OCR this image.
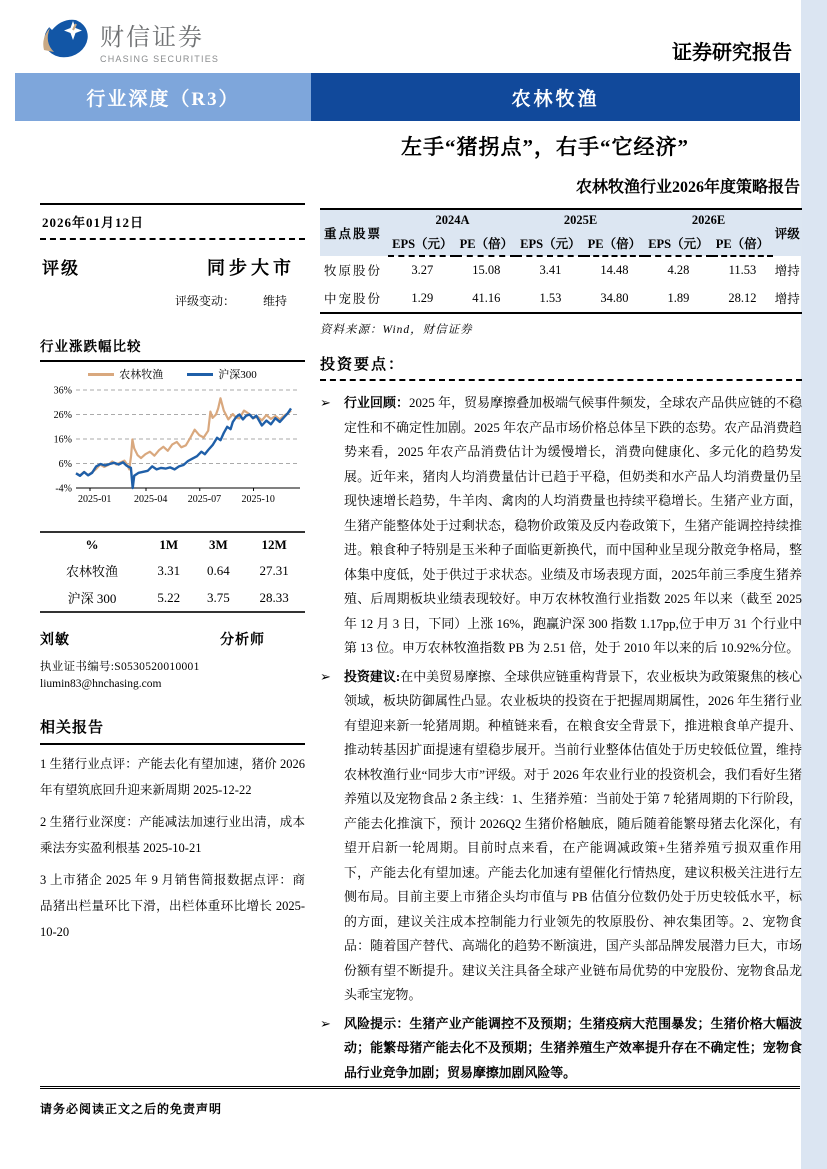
财信证券
CHASING SECURITIES	证券研究报告
行业深度（R3）	农林牧渔
左手“猪拐点”，右手“它经济”
农林牧渔行业2026年度策略报告
2026年01月12日
评级	同步大市
评级变动： 维持
行业涨跌幅比较
农林牧渔	沪深300
36%
26%
16%
6%
-4%
2025-01 2025-04 2025-07 2025-10
%	1M	3M	12M
农林牧渔	3.31	0.64	27.31
沪深 300	5.22	3.75	28.33
刘敏	分析师
执业证书编号:S0530520010001
liumin83@hnchasing.com
相关报告
1 生猪行业点评：产能去化有望加速，猪价 2026年有望筑底回升迎来新周期 2025-12-22
2 生猪行业深度：产能减法加速行业出清，成本乘法夯实盈利根基 2025-10-21
3 上市猪企 2025 年 9 月销售简报数据点评：商品猪出栏量环比下滑，出栏体重环比增长 2025-10-20
重点股票	2024A		2025E		2026E		评级
	EPS（元）	PE（倍）	EPS（元）	PE（倍）	EPS（元）	PE（倍）	
牧原股份	3.27	15.08	3.41	14.48	4.28	11.53	增持
中宠股份	1.29	41.16	1.53	34.80	1.89	28.12	增持
资料来源：Wind，财信证券
投资要点：
➢	行业回顾：2025 年，贸易摩擦叠加极端气候事件频发，全球农产品供应链的不稳定性和不确定性加剧。2025 年农产品市场价格总体呈下跌的态势。农产品消费趋势来看，2025 年农产品消费估计为缓慢增长，消费向健康化、多元化的趋势发展。近年来，猪肉人均消费量估计已趋于平稳，但奶类和水产品人均消费量仍呈现快速增长趋势，牛羊肉、禽肉的人均消费量也持续平稳增长。生猪产业方面，生猪产能整体处于过剩状态，稳物价政策及反内卷政策下，生猪产能调控持续推进。粮食种子特别是玉米种子面临更新换代，而中国种业呈现分散竞争格局，整体集中度低，处于供过于求状态。业绩及市场表现方面，2025年前三季度生猪养殖、后周期板块业绩表现较好。申万农林牧渔行业指数 2025 年以来（截至 2025 年 12 月 3 日，下同）上涨 16%，跑赢沪深 300 指数 1.17pp,位于申万 31 个行业中第 13 位。申万农林牧渔指数 PB 为 2.51 倍，处于 2010 年以来的后 10.92%分位。
➢	投资建议:在中美贸易摩擦、全球供应链重构背景下，农业板块为政策聚焦的核心领域，板块防御属性凸显。农业板块的投资在于把握周期属性，2026 年生猪行业有望迎来新一轮猪周期。种植链来看，在粮食安全背景下，推进粮食单产提升、推动转基因扩面提速有望稳步展开。当前行业整体估值处于历史较低位置，维持农林牧渔行业“同步大市”评级。对于 2026 年农业行业的投资机会，我们看好生猪养殖以及宠物食品 2 条主线：1、生猪养殖：当前处于第 7 轮猪周期的下行阶段，产能去化推演下，预计 2026Q2 生猪价格触底，随后随着能繁母猪去化深化，有望开启新一轮周期。目前时点来看，在产能调减政策+生猪养殖亏损双重作用下，产能去化有望加速。产能去化加速有望催化行情热度，建议积极关注进行左侧布局。目前主要上市猪企头均市值与 PB 估值分位数仍处于历史较低水平，标的方面，建议关注成本控制能力行业领先的牧原股份、神农集团等。2、宠物食品：随着国产替代、高端化的趋势不断演进，国产头部品牌发展潜力巨大，市场份额有望不断提升。建议关注具备全球产业链布局优势的中宠股份、宠物食品龙头乖宝宠物。
➢	风险提示：生猪产业产能调控不及预期；生猪疫病大范围暴发；生猪价格大幅波动；能繁母猪产能去化不及预期；生猪养殖生产效率提升存在不确定性；宠物食品行业竞争加剧；贸易摩擦加剧风险等。
请务必阅读正文之后的免责声明
